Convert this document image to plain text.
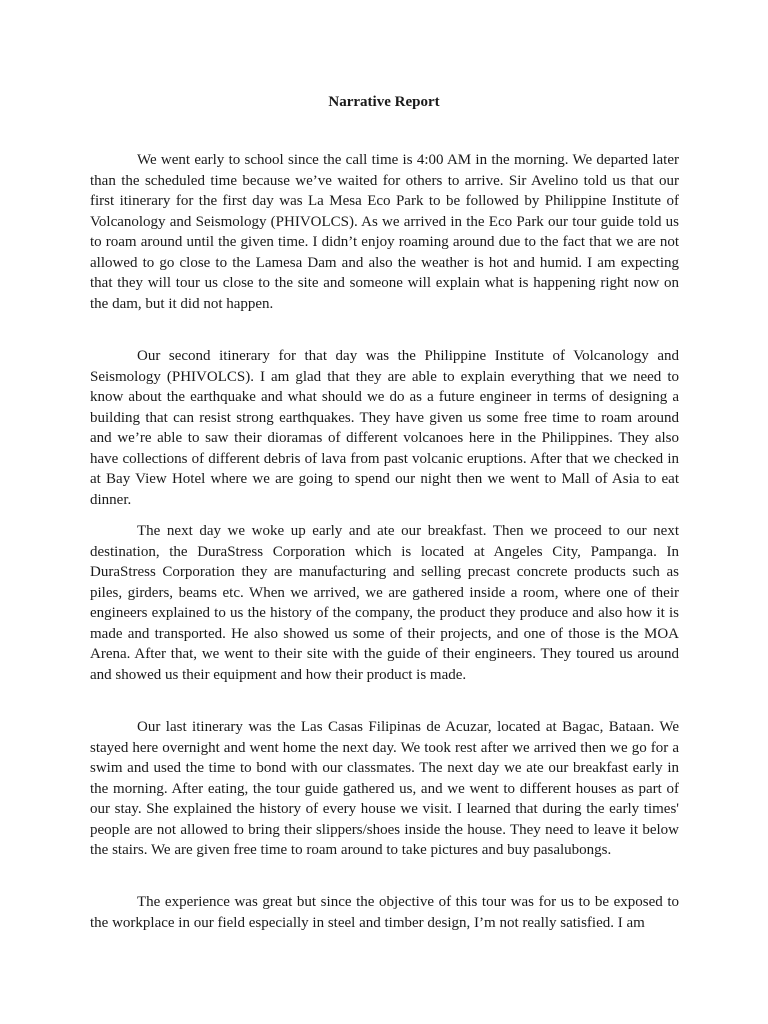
Narrative Report

We went early to school since the call time is 4:00 AM in the morning. We departed later than the scheduled time because we’ve waited for others to arrive. Sir Avelino told us that our first itinerary for the first day was La Mesa Eco Park to be followed by Philippine Institute of Volcanology and Seismology (PHIVOLCS). As we arrived in the Eco Park our tour guide told us to roam around until the given time. I didn’t enjoy roaming around due to the fact that we are not allowed to go close to the Lamesa Dam and also the weather is hot and humid. I am expecting that they will tour us close to the site and someone will explain what is happening right now on the dam, but it did not happen.

Our second itinerary for that day was the Philippine Institute of Volcanology and Seismology (PHIVOLCS). I am glad that they are able to explain everything that we need to know about the earthquake and what should we do as a future engineer in terms of designing a building that can resist strong earthquakes. They have given us some free time to roam around and we’re able to saw their dioramas of different volcanoes here in the Philippines. They also have collections of different debris of lava from past volcanic eruptions. After that we checked in at Bay View Hotel where we are going to spend our night then we went to Mall of Asia to eat dinner.

The next day we woke up early and ate our breakfast. Then we proceed to our next destination, the DuraStress Corporation which is located at Angeles City, Pampanga. In DuraStress Corporation they are manufacturing and selling precast concrete products such as piles, girders, beams etc. When we arrived, we are gathered inside a room, where one of their engineers explained to us the history of the company, the product they produce and also how it is made and transported. He also showed us some of their projects, and one of those is the MOA Arena. After that, we went to their site with the guide of their engineers. They toured us around and showed us their equipment and how their product is made.

Our last itinerary was the Las Casas Filipinas de Acuzar, located at Bagac, Bataan. We stayed here overnight and went home the next day. We took rest after we arrived then we go for a swim and used the time to bond with our classmates. The next day we ate our breakfast early in the morning. After eating, the tour guide gathered us, and we went to different houses as part of our stay. She explained the history of every house we visit. I learned that during the early times' people are not allowed to bring their slippers/shoes inside the house. They need to leave it below the stairs. We are given free time to roam around to take pictures and buy pasalubongs.

The experience was great but since the objective of this tour was for us to be exposed to the workplace in our field especially in steel and timber design, I’m not really satisfied. I am
